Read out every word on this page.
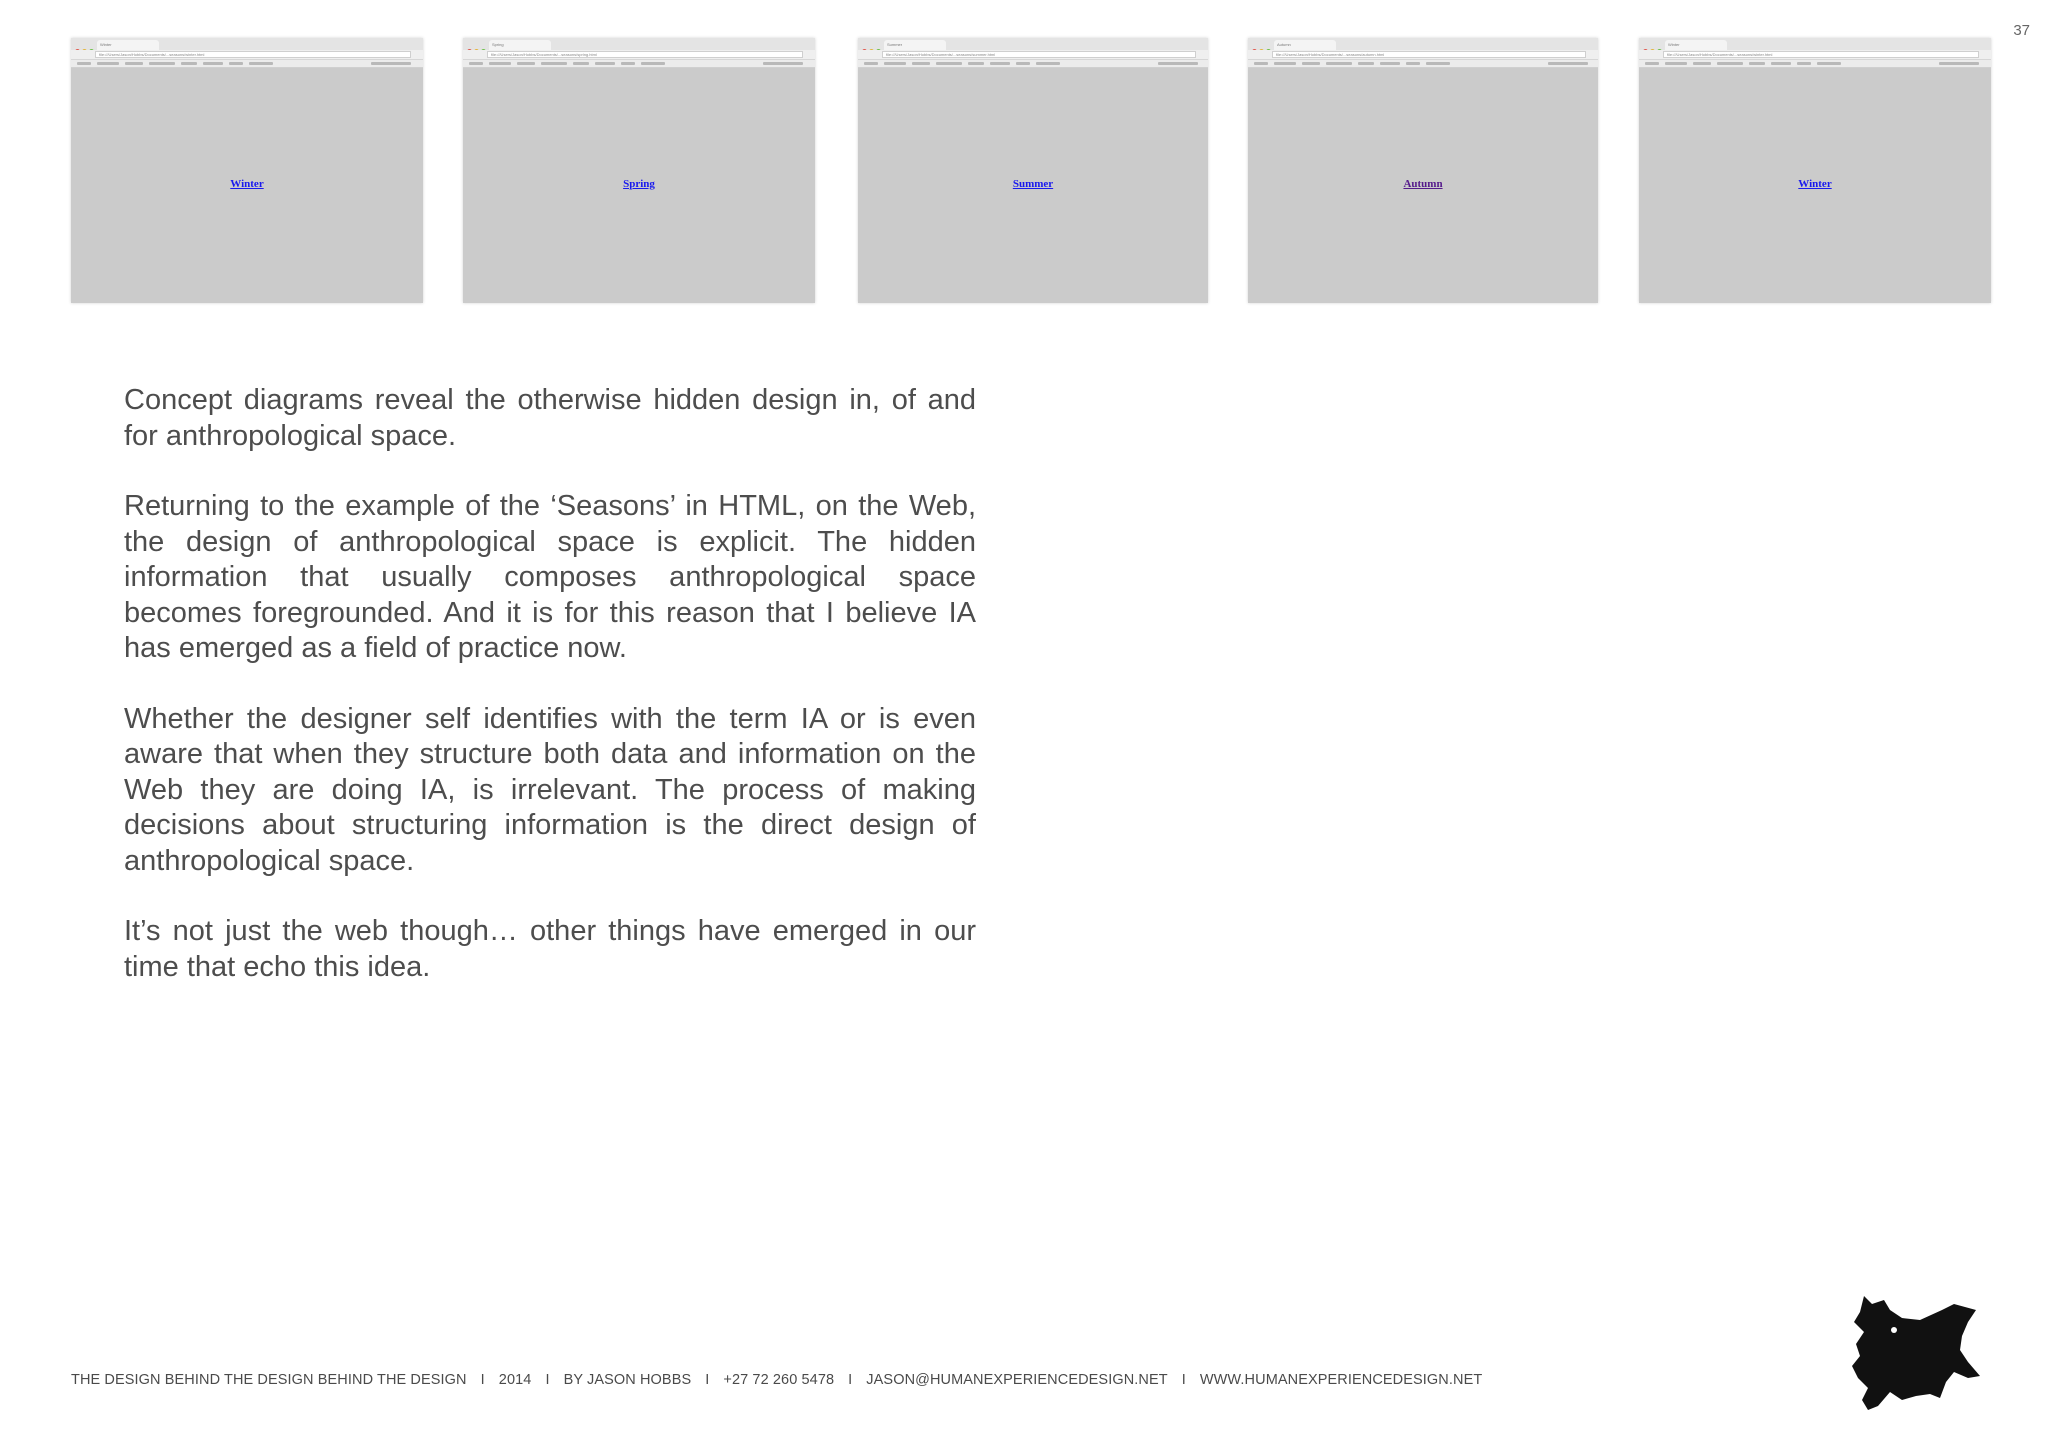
37
Winter
file:///Users/Jason/Hobbs/Documents/...seasons/winter.html
Winter
Spring
file:///Users/Jason/Hobbs/Documents/...seasons/spring.html
Spring
Summer
file:///Users/Jason/Hobbs/Documents/...seasons/summer.html
Summer
Autumn
file:///Users/Jason/Hobbs/Documents/...seasons/autumn.html
Autumn
Winter
file:///Users/Jason/Hobbs/Documents/...seasons/winter.html
Winter

Concept diagrams reveal the otherwise hidden design in, of and for anthropological space.

Returning to the example of the ‘Seasons’ in HTML, on the Web, the design of anthropological space is explicit. The hidden information that usually composes anthropological space becomes foregrounded. And it is for this reason that I believe IA has emerged as a field of practice now.

Whether the designer self identifies with the term IA or is even aware that when they structure both data and information on the Web they are doing IA, is irrelevant. The process of making decisions about structuring information is the direct design of anthropological space.

It’s not just the web though… other things have emerged in our time that echo this idea.

THE DESIGN BEHIND THE DESIGN BEHIND THE DESIGN I 2014 I BY JASON HOBBS I +27 72 260 5478 I JASON@HUMANEXPERIENCEDESIGN.NET I WWW.HUMANEXPERIENCEDESIGN.NET
